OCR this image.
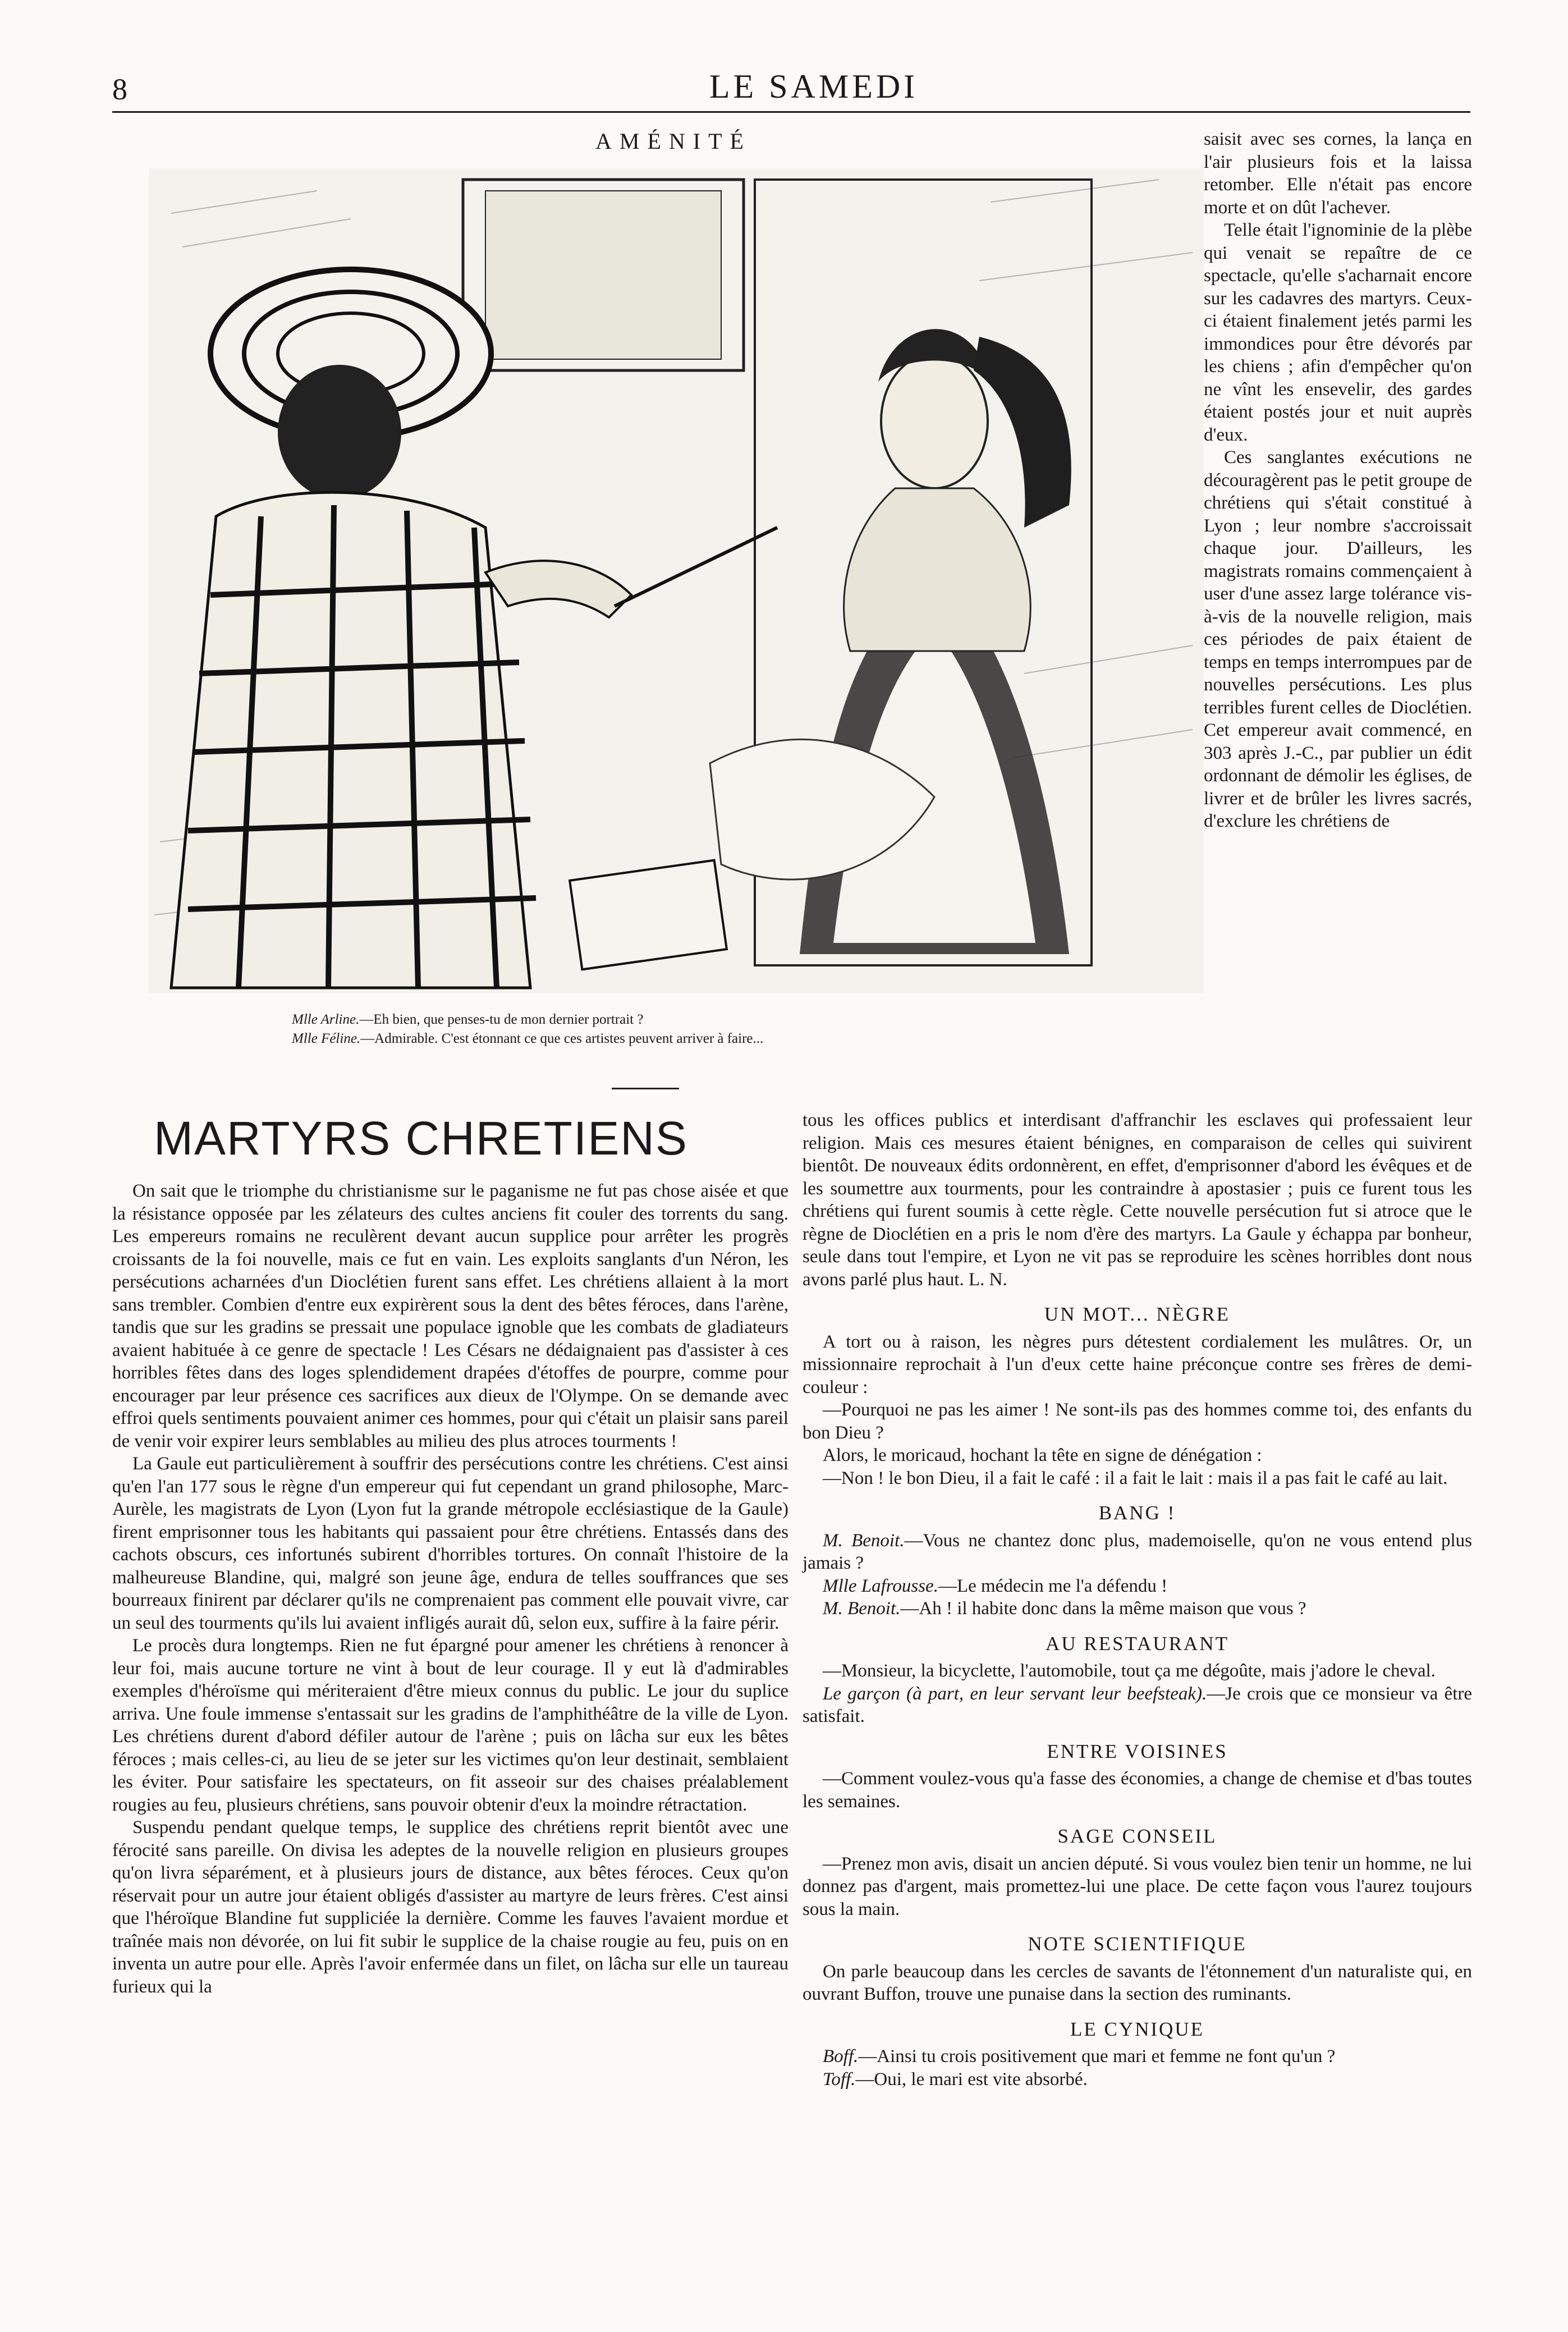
8	LE SAMEDI
AMÉNITÉ
Mlle Arline.—Eh bien, que penses-tu de mon dernier portrait ?
Mlle Féline.—Admirable. C'est étonnant ce que ces artistes peuvent arriver à faire...
MARTYRS CHRETIENS

On sait que le triomphe du christianisme sur le paganisme ne fut pas chose aisée et que la résistance opposée par les zélateurs des cultes anciens fit couler des torrents du sang. Les empereurs romains ne reculèrent devant aucun supplice pour arrêter les progrès croissants de la foi nouvelle, mais ce fut en vain. Les exploits sanglants d'un Néron, les persécutions acharnées d'un Dioclétien furent sans effet. Les chrétiens allaient à la mort sans trembler. Combien d'entre eux expirèrent sous la dent des bêtes féroces, dans l'arène, tandis que sur les gradins se pressait une populace ignoble que les combats de gladiateurs avaient habituée à ce genre de spectacle ! Les Césars ne dédaignaient pas d'assister à ces horribles fêtes dans des loges splendidement drapées d'étoffes de pourpre, comme pour encourager par leur présence ces sacrifices aux dieux de l'Olympe. On se demande avec effroi quels sentiments pouvaient animer ces hommes, pour qui c'était un plaisir sans pareil de venir voir expirer leurs semblables au milieu des plus atroces tourments !

La Gaule eut particulièrement à souffrir des persécutions contre les chrétiens. C'est ainsi qu'en l'an 177 sous le règne d'un empereur qui fut cependant un grand philosophe, Marc-Aurèle, les magistrats de Lyon (Lyon fut la grande métropole ecclésiastique de la Gaule) firent emprisonner tous les habitants qui passaient pour être chrétiens. Entassés dans des cachots obscurs, ces infortunés subirent d'horribles tortures. On connaît l'histoire de la malheureuse Blandine, qui, malgré son jeune âge, endura de telles souffrances que ses bourreaux finirent par déclarer qu'ils ne comprenaient pas comment elle pouvait vivre, car un seul des tourments qu'ils lui avaient infligés aurait dû, selon eux, suffire à la faire périr.

Le procès dura longtemps. Rien ne fut épargné pour amener les chrétiens à renoncer à leur foi, mais aucune torture ne vint à bout de leur courage. Il y eut là d'admirables exemples d'héroïsme qui mériteraient d'être mieux connus du public. Le jour du suplice arriva. Une foule immense s'entassait sur les gradins de l'amphithéâtre de la ville de Lyon. Les chrétiens durent d'abord défiler autour de l'arène ; puis on lâcha sur eux les bêtes féroces ; mais celles-ci, au lieu de se jeter sur les victimes qu'on leur destinait, semblaient les éviter. Pour satisfaire les spectateurs, on fit asseoir sur des chaises préalablement rougies au feu, plusieurs chrétiens, sans pouvoir obtenir d'eux la moindre rétractation.

Suspendu pendant quelque temps, le supplice des chrétiens reprit bientôt avec une férocité sans pareille. On divisa les adeptes de la nouvelle religion en plusieurs groupes qu'on livra séparément, et à plusieurs jours de distance, aux bêtes féroces. Ceux qu'on réservait pour un autre jour étaient obligés d'assister au martyre de leurs frères. C'est ainsi que l'héroïque Blandine fut suppliciée la dernière. Comme les fauves l'avaient mordue et traînée mais non dévorée, on lui fit subir le supplice de la chaise rougie au feu, puis on en inventa un autre pour elle. Après l'avoir enfermée dans un filet, on lâcha sur elle un taureau furieux qui la

saisit avec ses cornes, la lança en l'air plusieurs fois et la laissa retomber. Elle n'était pas encore morte et on dût l'achever.

Telle était l'ignominie de la plèbe qui venait se repaître de ce spectacle, qu'elle s'acharnait encore sur les cadavres des martyrs. Ceux-ci étaient finalement jetés parmi les immondices pour être dévorés par les chiens ; afin d'empêcher qu'on ne vînt les ensevelir, des gardes étaient postés jour et nuit auprès d'eux.

Ces sanglantes exécutions ne découragèrent pas le petit groupe de chrétiens qui s'était constitué à Lyon ; leur nombre s'accroissait chaque jour. D'ailleurs, les magistrats romains commençaient à user d'une assez large tolérance vis-à-vis de la nouvelle religion, mais ces périodes de paix étaient de temps en temps interrompues par de nouvelles persécutions. Les plus terribles furent celles de Dioclétien. Cet empereur avait commencé, en 303 après J.-C., par publier un édit ordonnant de démolir les églises, de livrer et de brûler les livres sacrés, d'exclure les chrétiens de

tous les offices publics et interdisant d'affranchir les esclaves qui professaient leur religion. Mais ces mesures étaient bénignes, en comparaison de celles qui suivirent bientôt. De nouveaux édits ordonnèrent, en effet, d'emprisonner d'abord les évêques et de les soumettre aux tourments, pour les contraindre à apostasier ; puis ce furent tous les chrétiens qui furent soumis à cette règle. Cette nouvelle persécution fut si atroce que le règne de Dioclétien en a pris le nom d'ère des martyrs. La Gaule y échappa par bonheur, seule dans tout l'empire, et Lyon ne vit pas se reproduire les scènes horribles dont nous avons parlé plus haut. L. N.

UN MOT... NÈGRE

A tort ou à raison, les nègres purs détestent cordialement les mulâtres. Or, un missionnaire reprochait à l'un d'eux cette haine préconçue contre ses frères de demi-couleur :

—Pourquoi ne pas les aimer ! Ne sont-ils pas des hommes comme toi, des enfants du bon Dieu ?

Alors, le moricaud, hochant la tête en signe de dénégation :

—Non ! le bon Dieu, il a fait le café : il a fait le lait : mais il a pas fait le café au lait.

BANG !

M. Benoit.—Vous ne chantez donc plus, mademoiselle, qu'on ne vous entend plus jamais ?

Mlle Lafrousse.—Le médecin me l'a défendu !

M. Benoit.—Ah ! il habite donc dans la même maison que vous ?

AU RESTAURANT

—Monsieur, la bicyclette, l'automobile, tout ça me dégoûte, mais j'adore le cheval.

Le garçon (à part, en leur servant leur beefsteak).—Je crois que ce monsieur va être satisfait.

ENTRE VOISINES

—Comment voulez-vous qu'a fasse des économies, a change de chemise et d'bas toutes les semaines.

SAGE CONSEIL

—Prenez mon avis, disait un ancien député. Si vous voulez bien tenir un homme, ne lui donnez pas d'argent, mais promettez-lui une place. De cette façon vous l'aurez toujours sous la main.

NOTE SCIENTIFIQUE

On parle beaucoup dans les cercles de savants de l'étonnement d'un naturaliste qui, en ouvrant Buffon, trouve une punaise dans la section des ruminants.

LE CYNIQUE

Boff.—Ainsi tu crois positivement que mari et femme ne font qu'un ?

Toff.—Oui, le mari est vite absorbé.
